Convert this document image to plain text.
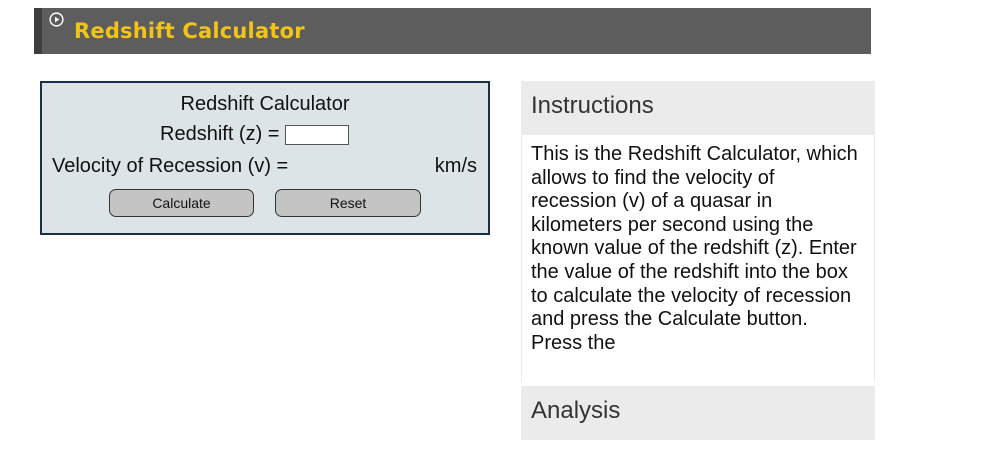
Redshift Calculator
Redshift Calculator
Redshift (z) =
Velocity of Recession (v) =	km/s
Calculate	Reset
Instructions
This is the Redshift Calculator, which allows to find the velocity of recession (v) of a quasar in kilometers per second using the known value of the redshift (z). Enter the value of the redshift into the box to calculate the velocity of recession and press the Calculate button. Press the
Analysis
